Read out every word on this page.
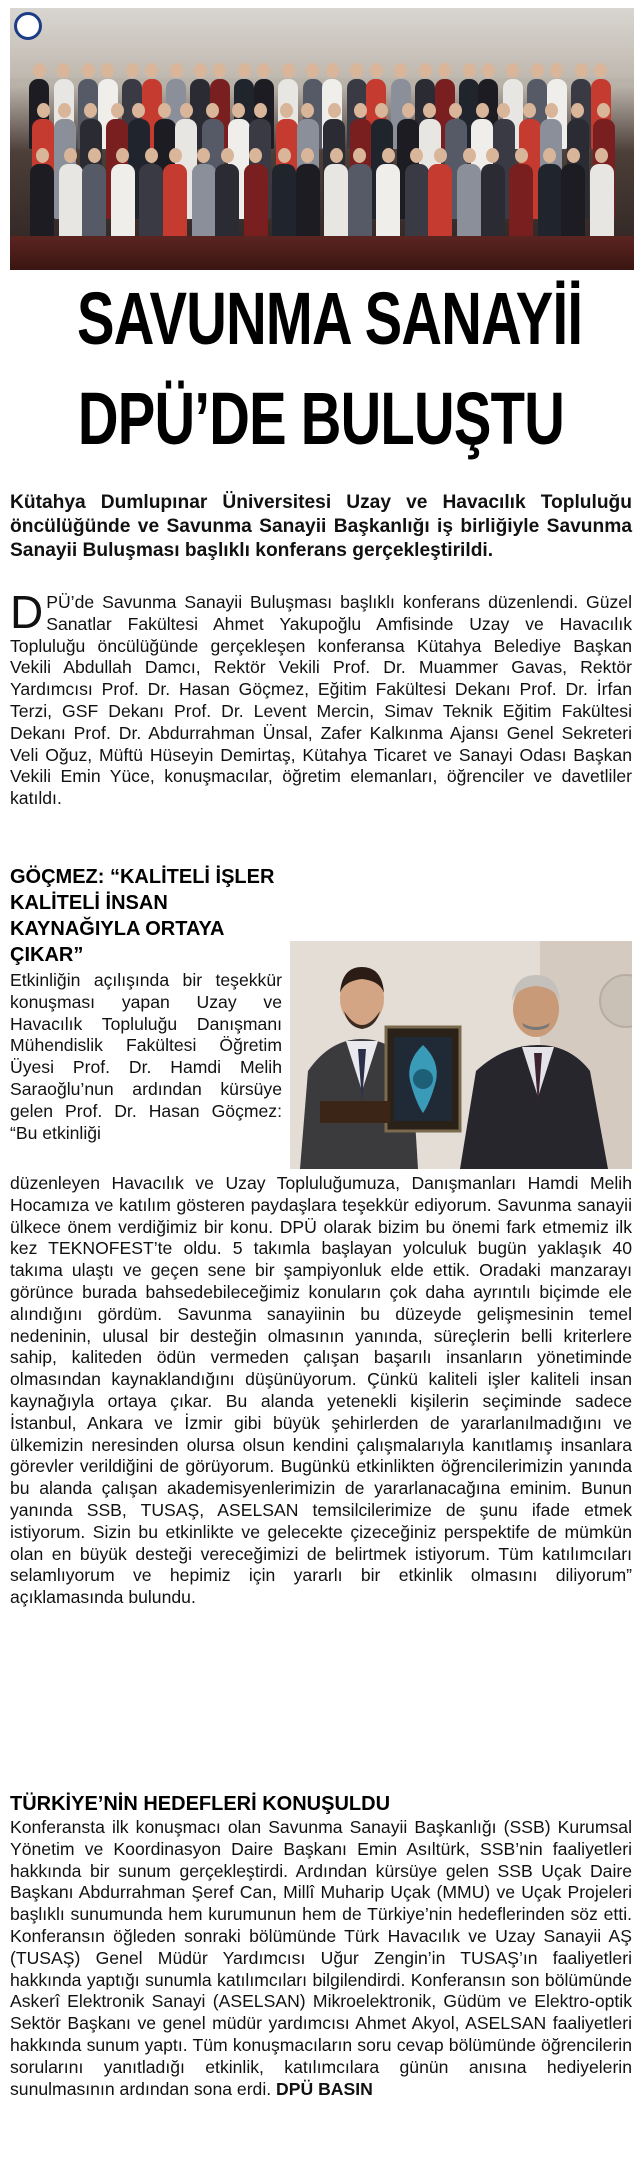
SAVUNMA SANAYİİ
DPÜ’DE BULUŞTU
Kütahya Dumlupınar Üniversitesi Uzay ve Havacılık Topluluğu öncülüğünde ve Savunma Sanayii Başkanlığı iş birliğiyle Savunma Sanayii Buluşması başlıklı konferans gerçekleştirildi.
DPÜ’de Savunma Sanayii Buluşması başlıklı konferans düzenlendi. Güzel Sanatlar Fakültesi Ahmet Yakupoğlu Amfisinde Uzay ve Havacılık Topluluğu öncülüğünde gerçekleşen konferansa Kütahya Belediye Başkan Vekili Abdullah Damcı, Rektör Vekili Prof. Dr. Muammer Gavas, Rektör Yardımcısı Prof. Dr. Hasan Göçmez, Eğitim Fakültesi Dekanı Prof. Dr. İrfan Terzi, GSF Dekanı Prof. Dr. Levent Mercin, Simav Teknik Eğitim Fakültesi Dekanı Prof. Dr. Abdurrahman Ünsal, Zafer Kalkınma Ajansı Genel Sekreteri Veli Oğuz, Müftü Hüseyin Demirtaş, Kütahya Ticaret ve Sanayi Odası Başkan Vekili Emin Yüce, konuşmacılar, öğretim elemanları, öğrenciler ve davetliler katıldı.
GÖÇMEZ: “KALİTELİ İŞLER KALİTELİ İNSAN KAYNAĞIYLA ORTAYA ÇIKAR”
Etkinliğin açılışında bir teşekkür konuşması yapan Uzay ve Havacılık Topluluğu Danışmanı Mühendislik Fakültesi Öğretim Üyesi Prof. Dr. Hamdi Melih Saraoğlu’nun ardından kürsüye gelen Prof. Dr. Hasan Göçmez: “Bu etkinliği
düzenleyen Havacılık ve Uzay Topluluğumuza, Danışmanları Hamdi Melih Hocamıza ve katılım gösteren paydaşlara teşekkür ediyorum. Savunma sanayii ülkece önem verdiğimiz bir konu. DPÜ olarak bizim bu önemi fark etmemiz ilk kez TEKNOFEST’te oldu. 5 takımla başlayan yolculuk bugün yaklaşık 40 takıma ulaştı ve geçen sene bir şampiyonluk elde ettik. Oradaki manzarayı görünce burada bahsedebileceğimiz konuların çok daha ayrıntılı biçimde ele alındığını gördüm. Savunma sanayiinin bu düzeyde gelişmesinin temel nedeninin, ulusal bir desteğin olmasının yanında, süreçlerin belli kriterlere sahip, kaliteden ödün vermeden çalışan başarılı insanların yönetiminde olmasından kaynaklandığını düşünüyorum. Çünkü kaliteli işler kaliteli insan kaynağıyla ortaya çıkar. Bu alanda yetenekli kişilerin seçiminde sadece İstanbul, Ankara ve İzmir gibi büyük şehirlerden de yararlanılmadığını ve ülkemizin neresinden olursa olsun kendini çalışmalarıyla kanıtlamış insanlara görevler verildiğini de görüyorum. Bugünkü etkinlikten öğrencilerimizin yanında bu alanda çalışan akademisyenlerimizin de yararlanacağına eminim. Bunun yanında SSB, TUSAŞ, ASELSAN temsilcilerimize de şunu ifade etmek istiyorum. Sizin bu etkinlikte ve gelecekte çizeceğiniz perspektife de mümkün olan en büyük desteği vereceğimizi de belirtmek istiyorum. Tüm katılımcıları selamlıyorum ve hepimiz için yararlı bir etkinlik olmasını diliyorum” açıklamasında bulundu.
TÜRKİYE’NİN HEDEFLERİ KONUŞULDU
Konferansta ilk konuşmacı olan Savunma Sanayii Başkanlığı (SSB) Kurumsal Yönetim ve Koordinasyon Daire Başkanı Emin Asıltürk, SSB’nin faaliyetleri hakkında bir sunum gerçekleştirdi. Ardından kürsüye gelen SSB Uçak Daire Başkanı Abdurrahman Şeref Can, Millî Muharip Uçak (MMU) ve Uçak Projeleri başlıklı sunumunda hem kurumunun hem de Türkiye’nin hedeflerinden söz etti. Konferansın öğleden sonraki bölümünde Türk Havacılık ve Uzay Sanayii AŞ (TUSAŞ) Genel Müdür Yardımcısı Uğur Zengin’in TUSAŞ’ın faaliyetleri hakkında yaptığı sunumla katılımcıları bilgilendirdi. Konferansın son bölümünde Askerî Elektronik Sanayi (ASELSAN) Mikroelektronik, Güdüm ve Elektro-optik Sektör Başkanı ve genel müdür yardımcısı Ahmet Akyol, ASELSAN faaliyetleri hakkında sunum yaptı. Tüm konuşmacıların soru cevap bölümünde öğrencilerin sorularını yanıtladığı etkinlik, katılımcılara günün anısına hediyelerin sunulmasının ardından sona erdi. DPÜ BASIN
